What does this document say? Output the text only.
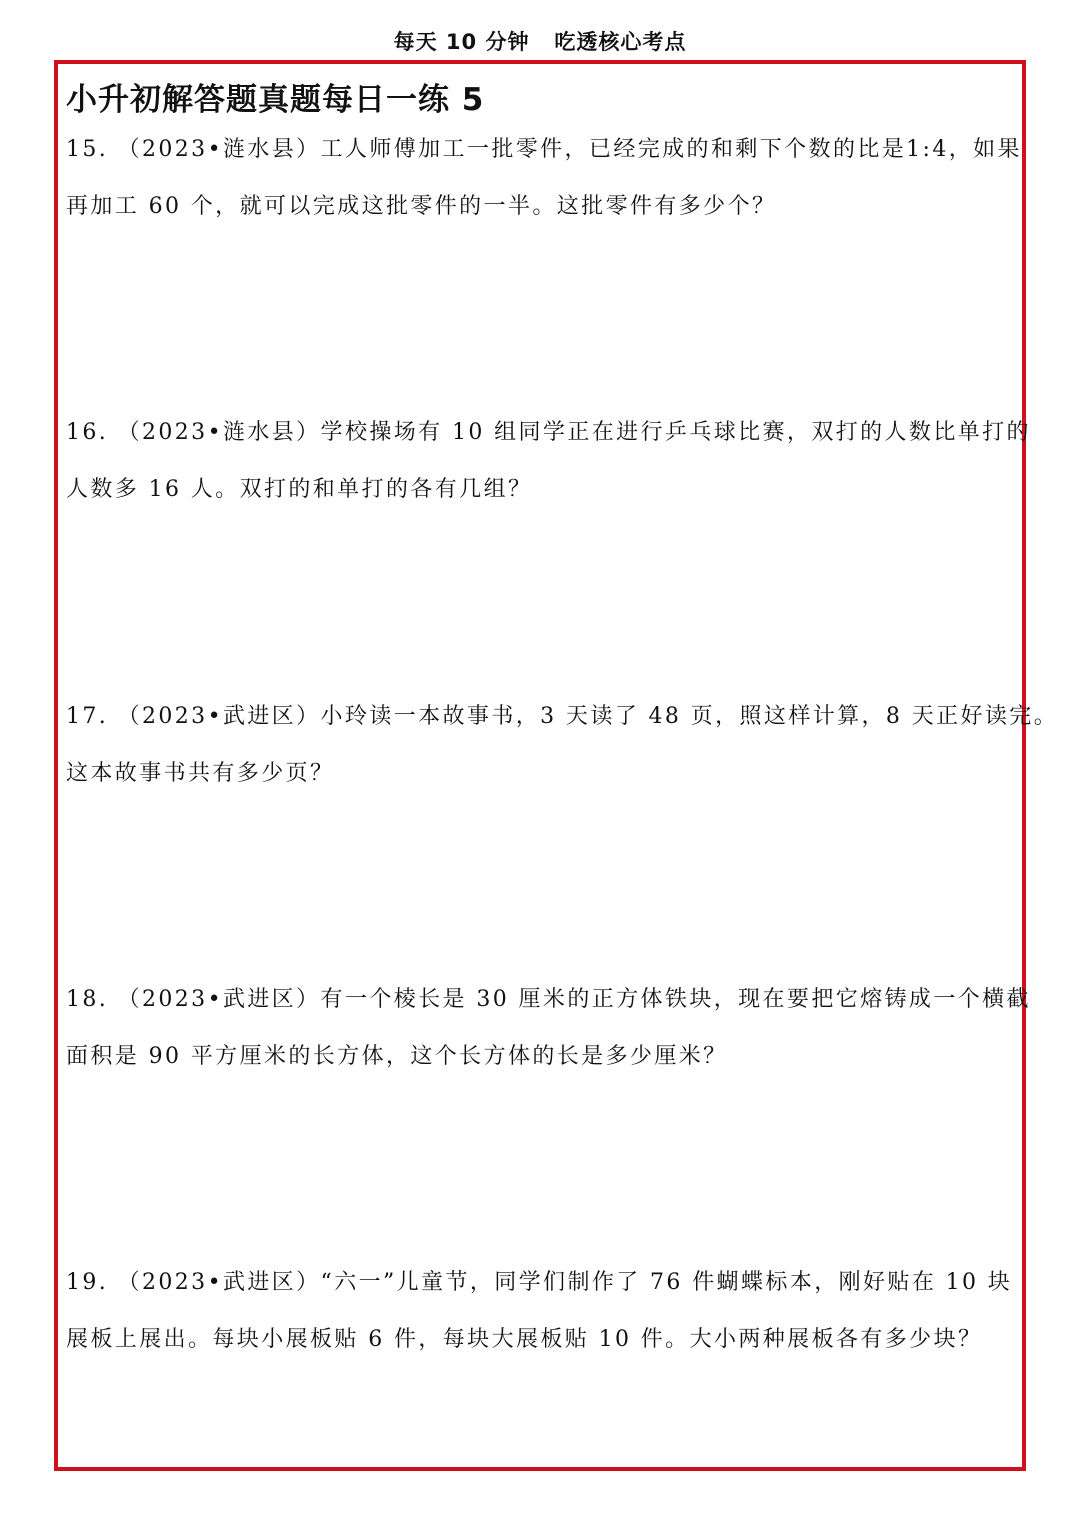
每天 10 分钟   吃透核心考点
小升初解答题真题每日一练 5

15. （2023•涟水县）工人师傅加工一批零件，已经完成的和剩下个数的比是1:4，如果

再加工 60 个，就可以完成这批零件的一半。这批零件有多少个？

16. （2023•涟水县）学校操场有 10 组同学正在进行乒乓球比赛，双打的人数比单打的

人数多 16 人。双打的和单打的各有几组？

17. （2023•武进区）小玲读一本故事书，3 天读了 48 页，照这样计算，8 天正好读完。

这本故事书共有多少页？

18. （2023•武进区）有一个棱长是 30 厘米的正方体铁块，现在要把它熔铸成一个横截

面积是 90 平方厘米的长方体，这个长方体的长是多少厘米？

19. （2023•武进区）“六一”儿童节，同学们制作了 76 件蝴蝶标本，刚好贴在 10 块

展板上展出。每块小展板贴 6 件，每块大展板贴 10 件。大小两种展板各有多少块？
